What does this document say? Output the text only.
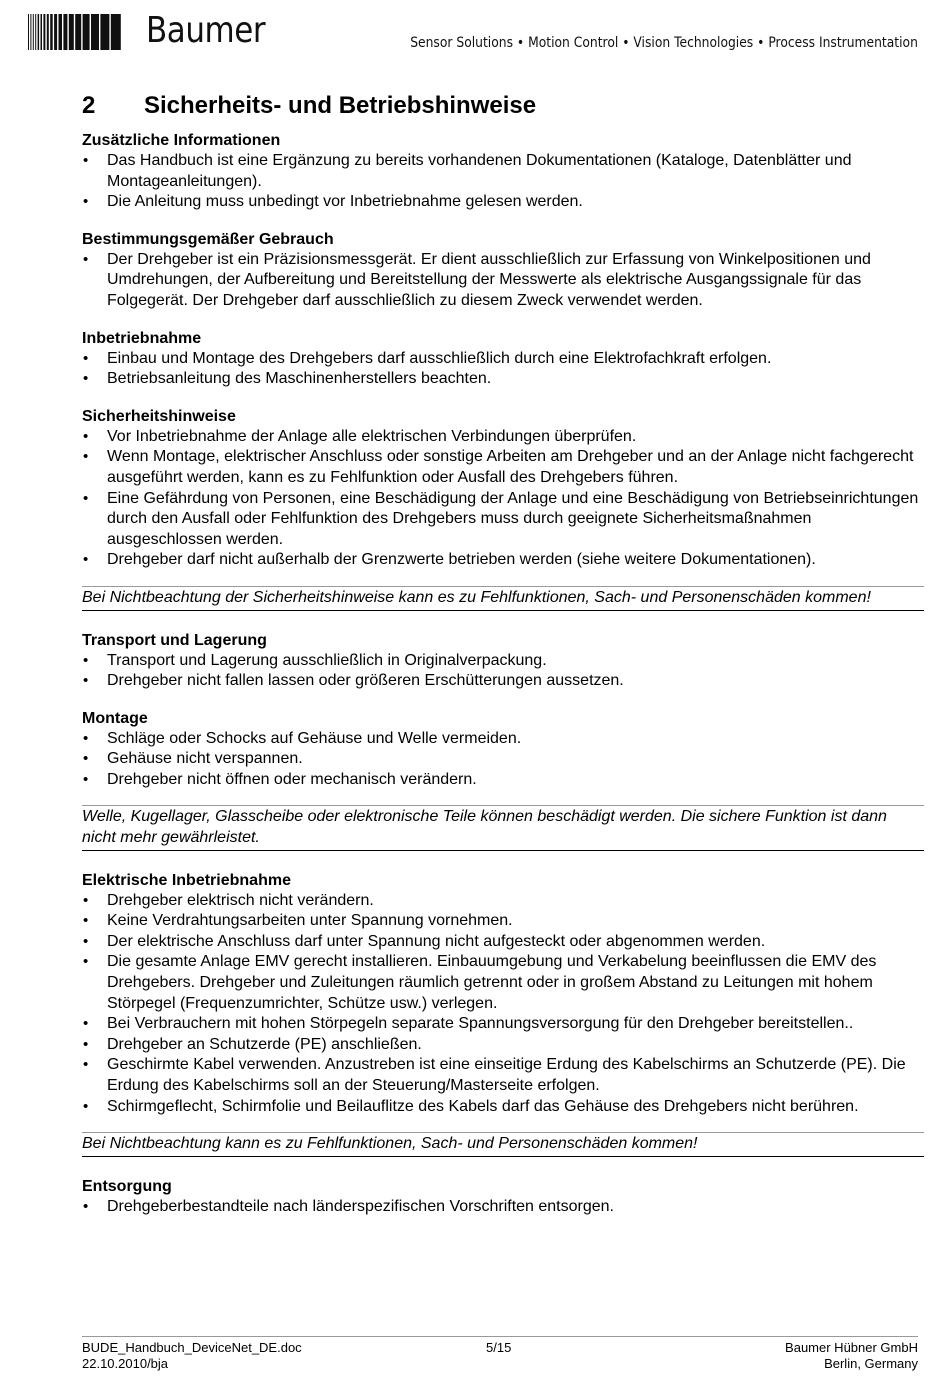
Baumer	Sensor Solutions • Motion Control • Vision Technologies • Process Instrumentation
2	Sicherheits- und Betriebshinweise
Zusätzliche Informationen
• Das Handbuch ist eine Ergänzung zu bereits vorhandenen Dokumentationen (Kataloge, Datenblätter und Montageanleitungen).
• Die Anleitung muss unbedingt vor Inbetriebnahme gelesen werden.
Bestimmungsgemäßer Gebrauch
• Der Drehgeber ist ein Präzisionsmessgerät. Er dient ausschließlich zur Erfassung von Winkelpositionen und Umdrehungen, der Aufbereitung und Bereitstellung der Messwerte als elektrische Ausgangssignale für das Folgegerät. Der Drehgeber darf ausschließlich zu diesem Zweck verwendet werden.
Inbetriebnahme
• Einbau und Montage des Drehgebers darf ausschließlich durch eine Elektrofachkraft erfolgen.
• Betriebsanleitung des Maschinenherstellers beachten.
Sicherheitshinweise
• Vor Inbetriebnahme der Anlage alle elektrischen Verbindungen überprüfen.
• Wenn Montage, elektrischer Anschluss oder sonstige Arbeiten am Drehgeber und an der Anlage nicht fachgerecht ausgeführt werden, kann es zu Fehlfunktion oder Ausfall des Drehgebers führen.
• Eine Gefährdung von Personen, eine Beschädigung der Anlage und eine Beschädigung von Betriebseinrichtungen durch den Ausfall oder Fehlfunktion des Drehgebers muss durch geeignete Sicherheitsmaßnahmen ausgeschlossen werden.
• Drehgeber darf nicht außerhalb der Grenzwerte betrieben werden (siehe weitere Dokumentationen).
Bei Nichtbeachtung der Sicherheitshinweise kann es zu Fehlfunktionen, Sach- und Personenschäden kommen!
Transport und Lagerung
• Transport und Lagerung ausschließlich in Originalverpackung.
• Drehgeber nicht fallen lassen oder größeren Erschütterungen aussetzen.
Montage
• Schläge oder Schocks auf Gehäuse und Welle vermeiden.
• Gehäuse nicht verspannen.
• Drehgeber nicht öffnen oder mechanisch verändern.
Welle, Kugellager, Glasscheibe oder elektronische Teile können beschädigt werden. Die sichere Funktion ist dann nicht mehr gewährleistet.
Elektrische Inbetriebnahme
• Drehgeber elektrisch nicht verändern.
• Keine Verdrahtungsarbeiten unter Spannung vornehmen.
• Der elektrische Anschluss darf unter Spannung nicht aufgesteckt oder abgenommen werden.
• Die gesamte Anlage EMV gerecht installieren. Einbauumgebung und Verkabelung beeinflussen die EMV des Drehgebers. Drehgeber und Zuleitungen räumlich getrennt oder in großem Abstand zu Leitungen mit hohem Störpegel (Frequenzumrichter, Schütze usw.) verlegen.
• Bei Verbrauchern mit hohen Störpegeln separate Spannungsversorgung für den Drehgeber bereitstellen..
• Drehgeber an Schutzerde (PE) anschließen.
• Geschirmte Kabel verwenden. Anzustreben ist eine einseitige Erdung des Kabelschirms an Schutzerde (PE). Die Erdung des Kabelschirms soll an der Steuerung/Masterseite erfolgen.
• Schirmgeflecht, Schirmfolie und Beilauflitze des Kabels darf das Gehäuse des Drehgebers nicht berühren.
Bei Nichtbeachtung kann es zu Fehlfunktionen, Sach- und Personenschäden kommen!
Entsorgung
• Drehgeberbestandteile nach länderspezifischen Vorschriften entsorgen.
BUDE_Handbuch_DeviceNet_DE.doc
22.10.2010/bja
5/15	Baumer Hübner GmbH
Berlin, Germany
